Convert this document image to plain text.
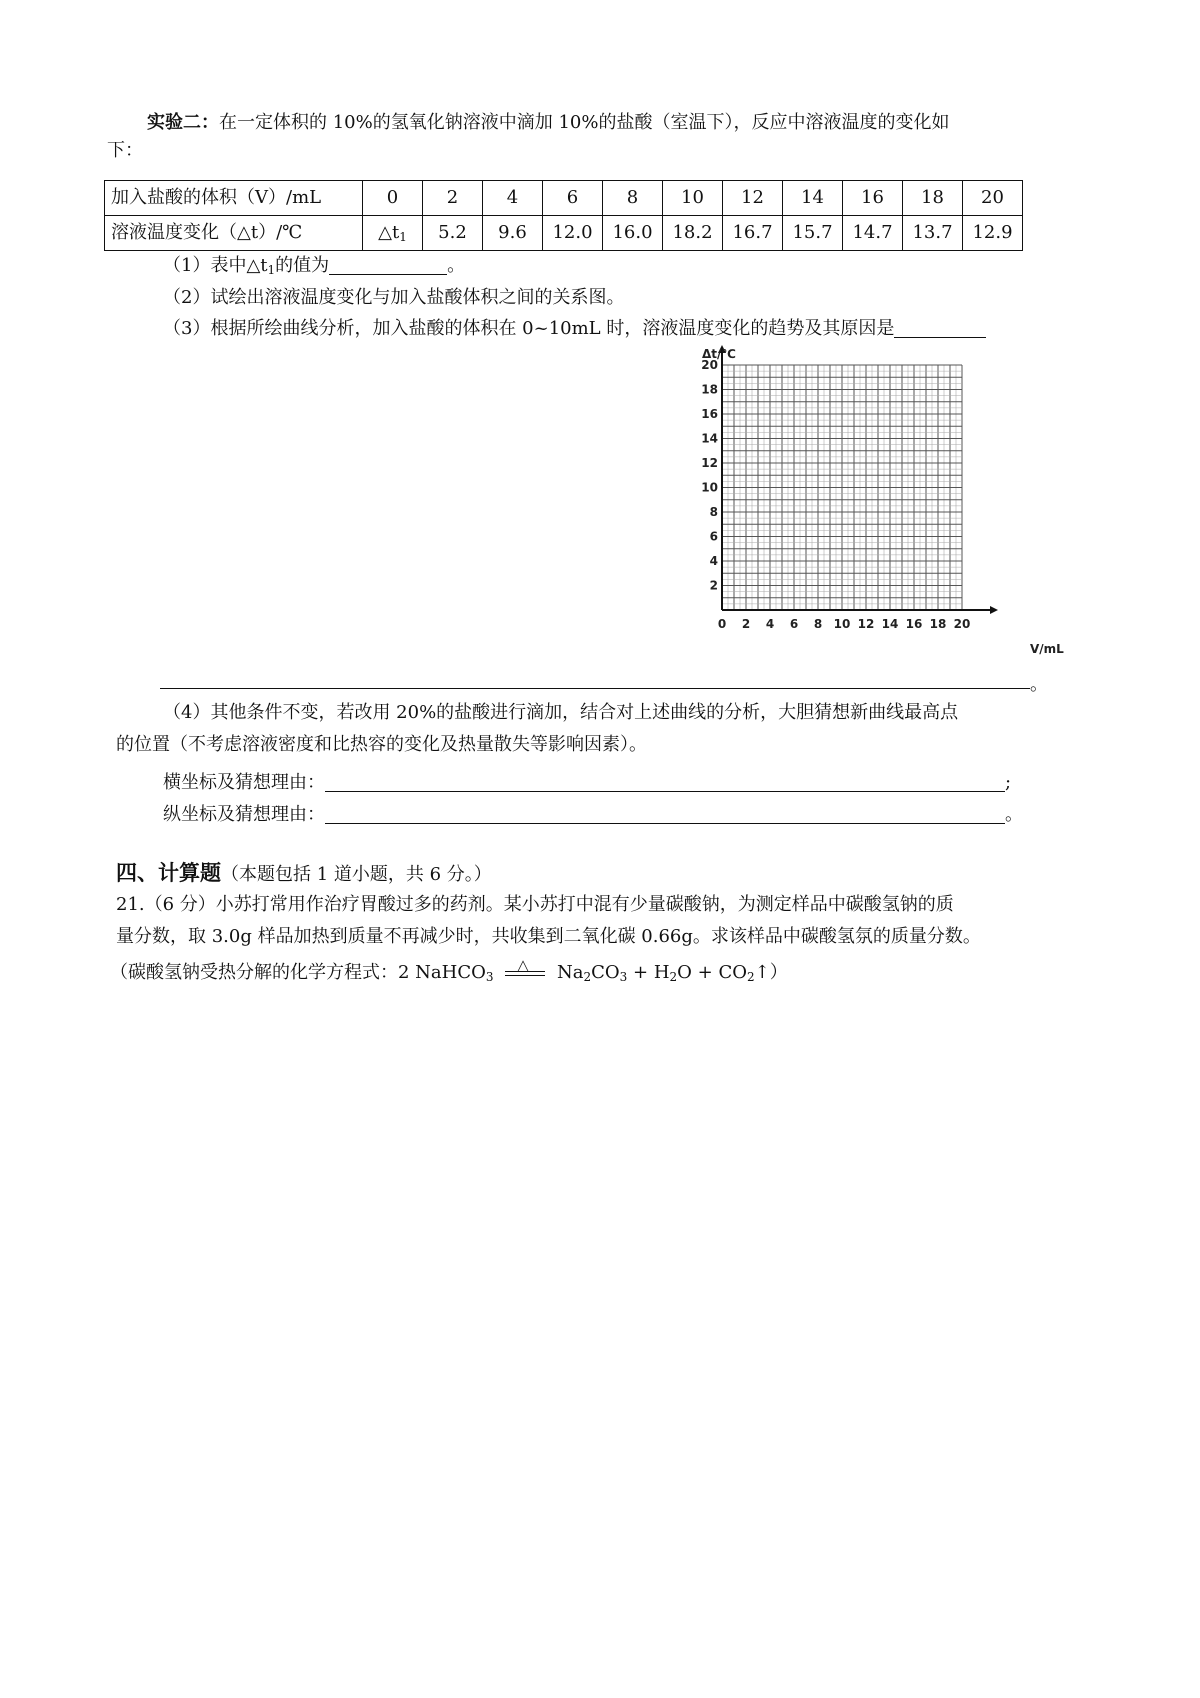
实验二：在一定体积的 10%的氢氧化钠溶液中滴加 10%的盐酸（室温下），反应中溶液温度的变化如
下：
加入盐酸的体积（V）/mL	0	2	4	6	8	10	12	14	16	18	20
溶液温度变化（△t）/℃	$\triangle t_1$	5.2	9.6	12.0	16.0	18.2	16.7	15.7	14.7	13.7	12.9
（1）表中$\triangle t_1$的值为	。
（2）试绘出溶液温度变化与加入盐酸体积之间的关系图。
（3）根据所绘曲线分析，加入盐酸的体积在 0~10mL 时，溶液温度变化的趋势及其原因是
0 2 4 6 8 10 12 14 16 18 20
2
4
6
8
10
12
14
16
18
20
Δt/℃
V/mL
。
（4）其他条件不变，若改用 20%的盐酸进行滴加，结合对上述曲线的分析，大胆猜想新曲线最高点
的位置（不考虑溶液密度和比热容的变化及热量散失等影响因素）。
横坐标及猜想理由：	;
纵坐标及猜想理由：	。
四、计算题（本题包括 1 道小题，共 6 分。）
21.（6 分）小苏打常用作治疗胃酸过多的药剂。某小苏打中混有少量碳酸钠，为测定样品中碳酸氢钠的质
量分数，取 3.0g 样品加热到质量不再减少时，共收集到二氧化碳 0.66g。求该样品中碳酸氢氛的质量分数。
（碳酸氢钠受热分解的化学方程式：2 NaHCO$_3$
△ $Na_2CO_3 + H_2O$ + $CO_2↑$）
